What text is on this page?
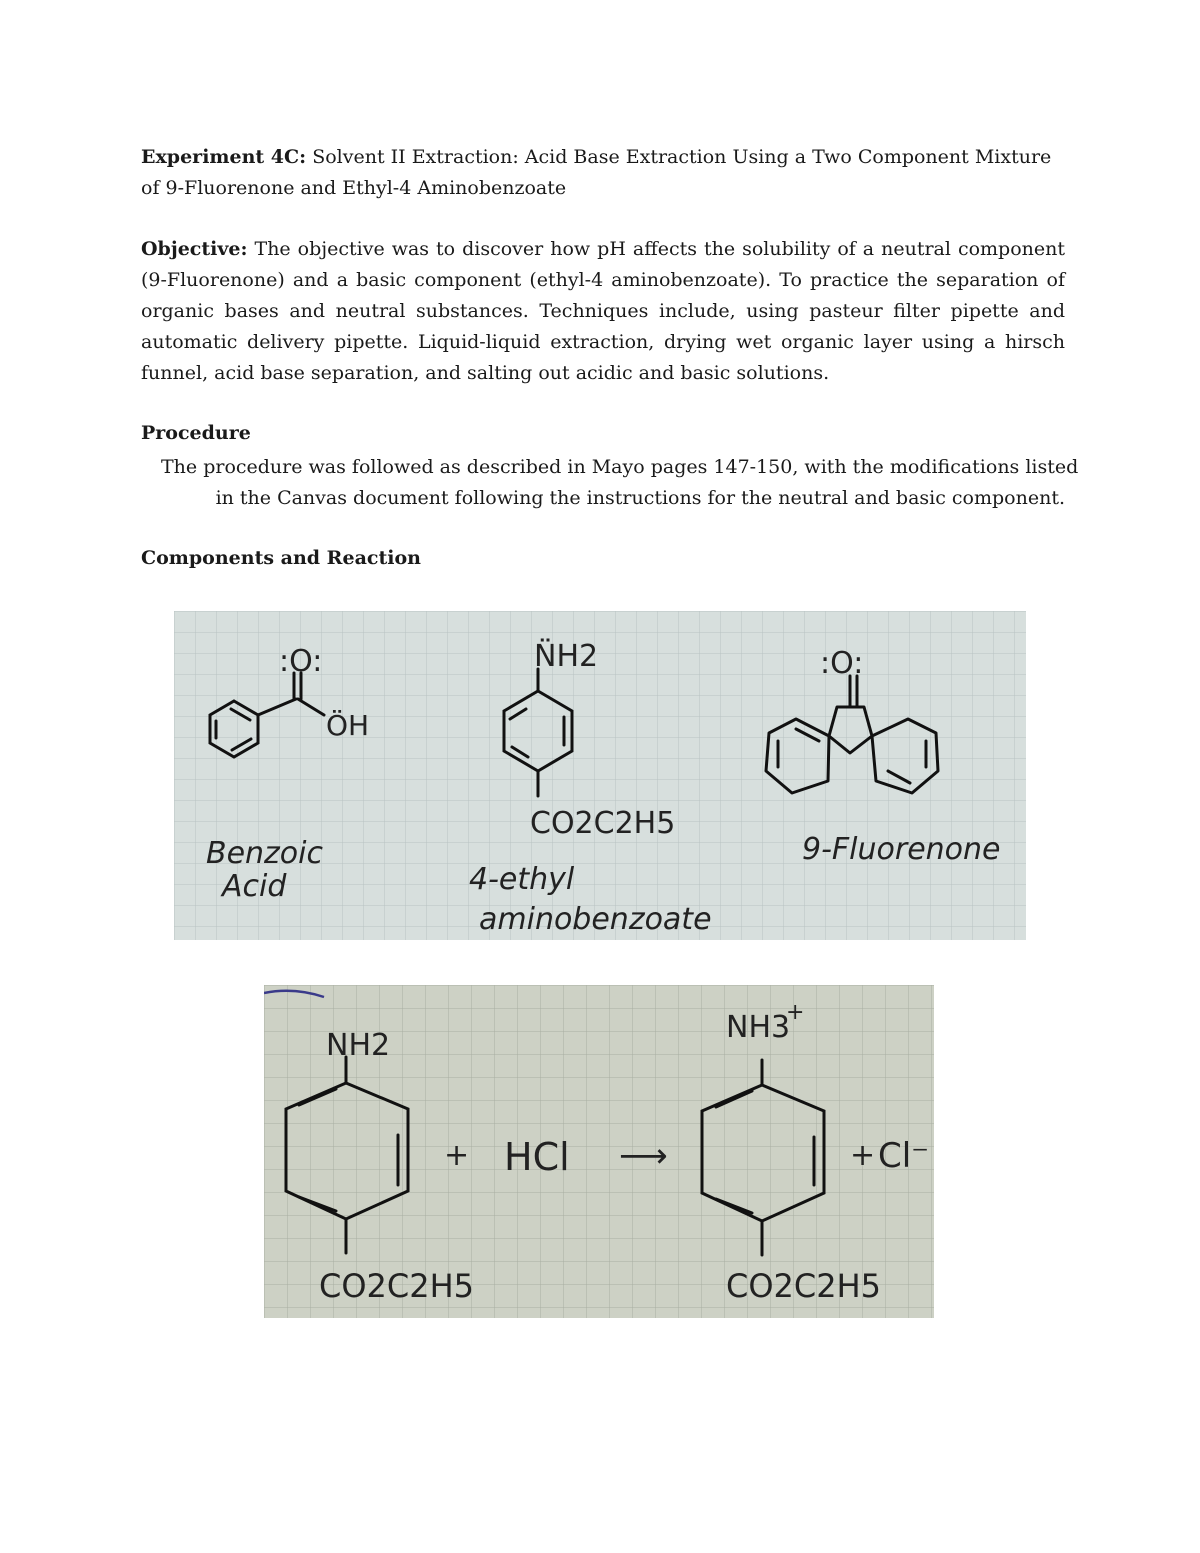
Experiment 4C: Solvent II Extraction: Acid Base Extraction Using a Two Component Mixture of 9-Fluorenone and Ethyl-4 Aminobenzoate

Objective: The objective was to discover how pH affects the solubility of a neutral component (9-Fluorenone) and a basic component (ethyl-4 aminobenzoate). To practice the separation of organic bases and neutral substances. Techniques include, using pasteur filter pipette and automatic delivery pipette. Liquid-liquid extraction, drying wet organic layer using a hirsch funnel, acid base separation, and salting out acidic and basic solutions.

Procedure

The procedure was followed as described in Mayo pages 147-150, with the modifications listed
in the Canvas document following the instructions for the neutral and basic component.

Components and Reaction

:O:
ÖH
Benzoic
Acid
N̈H2
CO2C2H5
4-ethyl
aminobenzoate
:O:
9-Fluorenone
NH2
CO2C2H5
+ HCl ⟶
NH3
+
CO2C2H5
+ Cl⁻
